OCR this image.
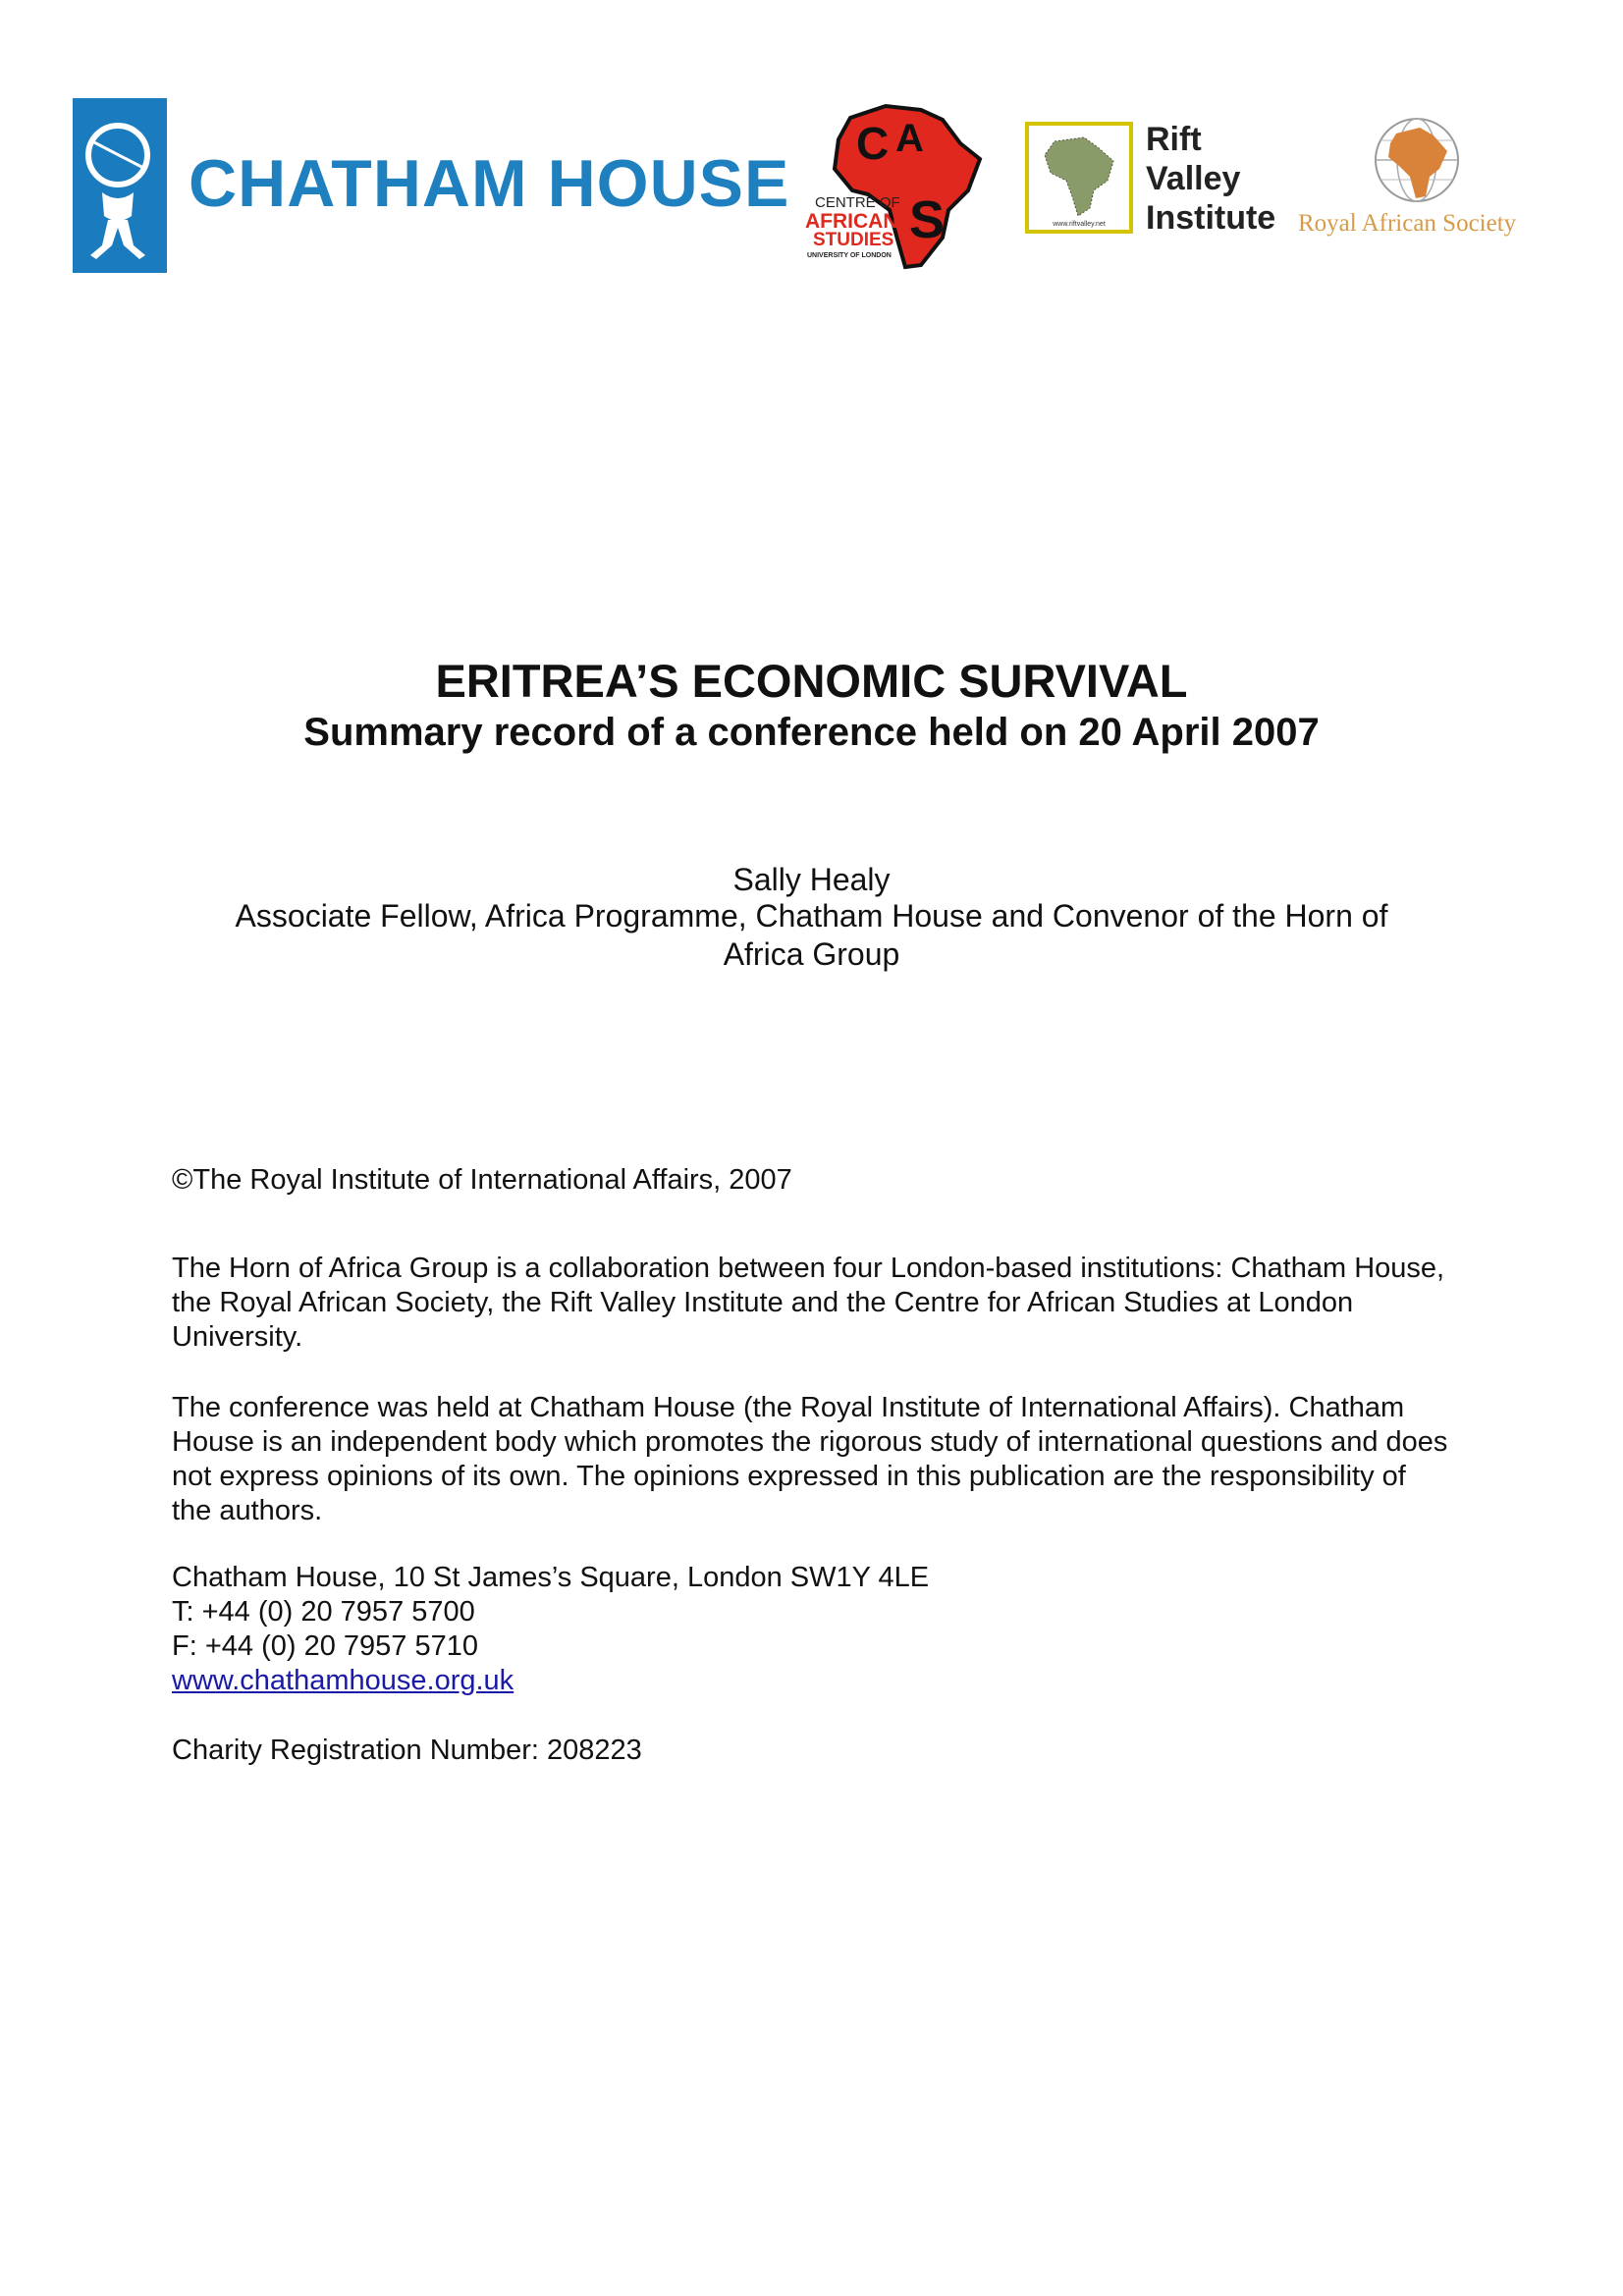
CHATHAM HOUSE
C A
S
CENTRE OF
AFRICAN
STUDIES
UNIVERSITY OF LONDON
www.riftvalley.net
Rift
Valley
Institute Royal African Society
ERITREA’S ECONOMIC SURVIVAL
Summary record of a conference held on 20 April 2007
Sally Healy
Associate Fellow, Africa Programme, Chatham House and Convenor of the Horn of Africa Group
©The Royal Institute of International Affairs, 2007
The Horn of Africa Group is a collaboration between four London-based institutions: Chatham House, the Royal African Society, the Rift Valley Institute and the Centre for African Studies at London University.
The conference was held at Chatham House (the Royal Institute of International Affairs). Chatham House is an independent body which promotes the rigorous study of international questions and does not express opinions of its own. The opinions expressed in this publication are the responsibility of the authors.
Chatham House, 10 St James’s Square, London SW1Y 4LE
T: +44 (0) 20 7957 5700
F: +44 (0) 20 7957 5710
www.chathamhouse.org.uk
Charity Registration Number: 208223
